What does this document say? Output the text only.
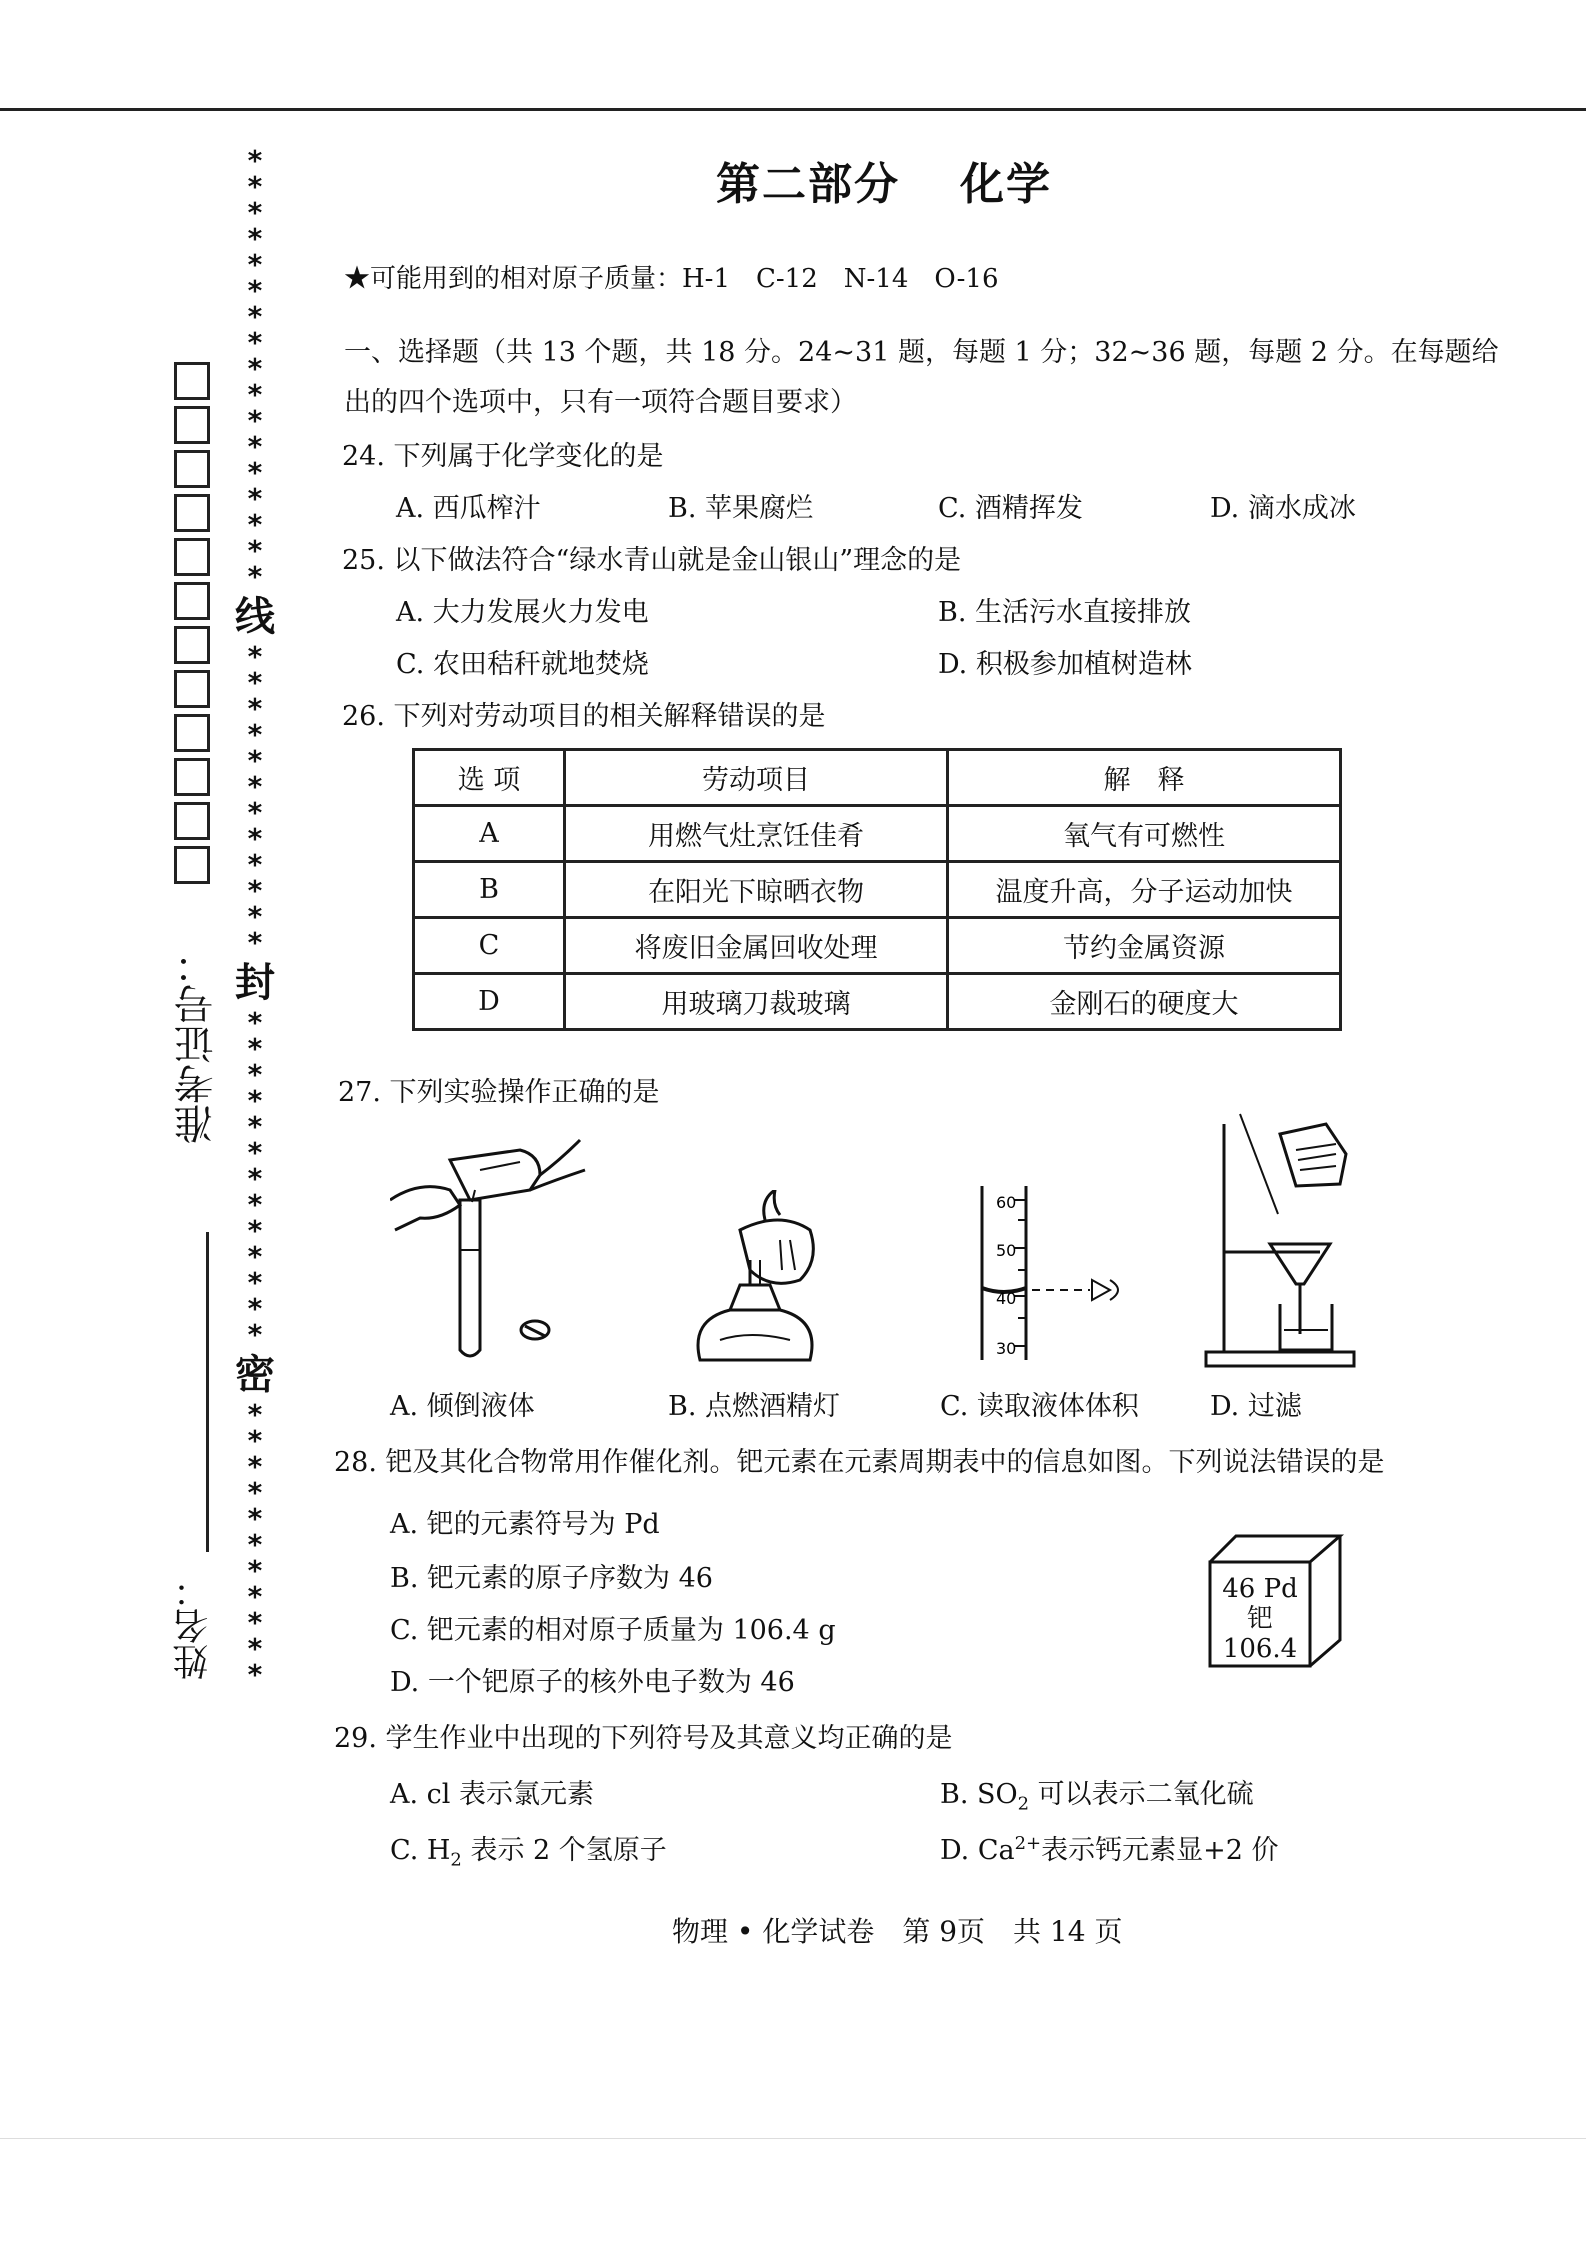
*
*
*
*
*
*
*
*
*
*
*
*
*
*
*
*
*
线
*
*
*
*
*
*
*
*
*
*
*
*
封
*
*
*
*
*
*
*
*
*
*
*
*
*
密
*
*
*
*
*
*
*
*
*
*
*
准考证号：
姓名：
第二部分 化学
★可能用到的相对原子质量：H-1　C-12　N-14　O-16
一、选择题（共 13 个题，共 18 分。24~31 题，每题 1 分；32~36 题，每题 2 分。在每题给
出的四个选项中，只有一项符合题目要求）
24. 下列属于化学变化的是
A. 西瓜榨汁	B. 苹果腐烂	C. 酒精挥发	D. 滴水成冰
25. 以下做法符合“绿水青山就是金山银山”理念的是
A. 大力发展火力发电	B. 生活污水直接排放
C. 农田秸秆就地焚烧	D. 积极参加植树造林
26. 下列对劳动项目的相关解释错误的是
选 项	劳动项目	解　释
A	用燃气灶烹饪佳肴	氧气有可燃性
B	在阳光下晾晒衣物	温度升高，分子运动加快
C	将废旧金属回收处理	节约金属资源
D	用玻璃刀裁玻璃	金刚石的硬度大
27. 下列实验操作正确的是
60
50
40
30
A. 倾倒液体	B. 点燃酒精灯	C. 读取液体体积	D. 过滤
28. 钯及其化合物常用作催化剂。钯元素在元素周期表中的信息如图。下列说法错误的是
A. 钯的元素符号为 Pd
B. 钯元素的原子序数为 46
C. 钯元素的相对原子质量为 106.4 g
D. 一个钯原子的核外电子数为 46
46 Pd
钯
106.4
29. 学生作业中出现的下列符号及其意义均正确的是
A. cl 表示氯元素	B. $SO_2$ 可以表示二氧化硫
C. $H_2$ 表示 2 个氢原子	D. $Ca^{2+}$表示钙元素显+2 价
物理 • 化学试卷　第 9页　共 14 页
